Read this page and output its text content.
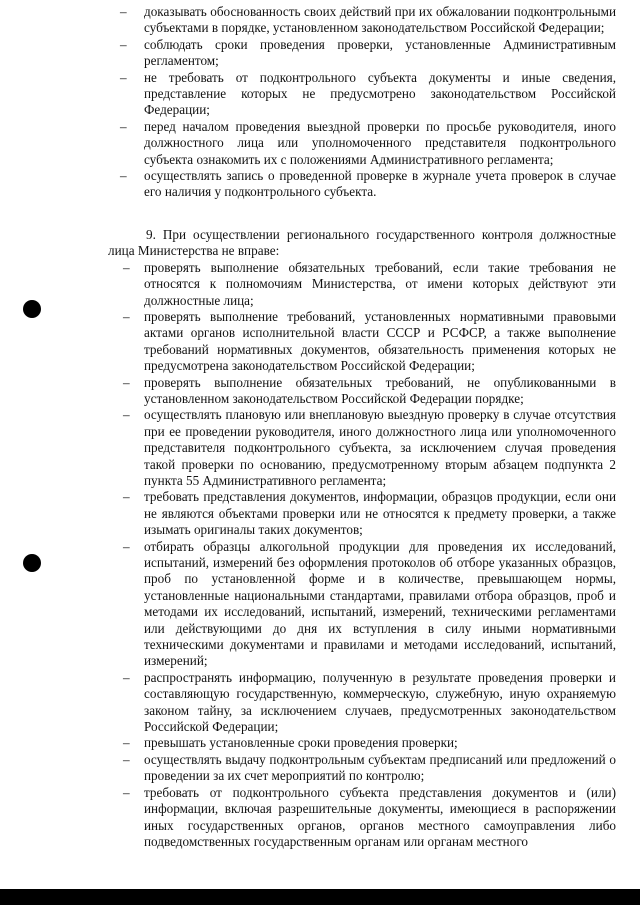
– доказывать обоснованность своих действий при их обжаловании подконтрольными субъектами в порядке, установленном законодательством Российской Федерации;
– соблюдать сроки проведения проверки, установленные Административным регламентом;
– не требовать от подконтрольного субъекта документы и иные сведения, представление которых не предусмотрено законодательством Российской Федерации;
– перед началом проведения выездной проверки по просьбе руководителя, иного должностного лица или уполномоченного представителя подконтрольного субъекта ознакомить их с положениями Административного регламента;
– осуществлять запись о проведенной проверке в журнале учета проверок в случае его наличия у подконтрольного субъекта.

9. При осуществлении регионального государственного контроля должностные лица Министерства не вправе:

– проверять выполнение обязательных требований, если такие требования не относятся к полномочиям Министерства, от имени которых действуют эти должностные лица;
– проверять выполнение требований, установленных нормативными правовыми актами органов исполнительной власти СССР и РСФСР, а также выполнение требований нормативных документов, обязательность применения которых не предусмотрена законодательством Российской Федерации;
– проверять выполнение обязательных требований, не опубликованными в установленном законодательством Российской Федерации порядке;
– осуществлять плановую или внеплановую выездную проверку в случае отсутствия при ее проведении руководителя, иного должностного лица или уполномоченного представителя подконтрольного субъекта, за исключением случая проведения такой проверки по основанию, предусмотренному вторым абзацем подпункта 2 пункта 55 Административного регламента;
– требовать представления документов, информации, образцов продукции, если они не являются объектами проверки или не относятся к предмету проверки, а также изымать оригиналы таких документов;
– отбирать образцы алкогольной продукции для проведения их исследований, испытаний, измерений без оформления протоколов об отборе указанных образцов, проб по установленной форме и в количестве, превышающем нормы, установленные национальными стандартами, правилами отбора образцов, проб и методами их исследований, испытаний, измерений, техническими регламентами или действующими до дня их вступления в силу иными нормативными техническими документами и правилами и методами исследований, испытаний, измерений;
– распространять информацию, полученную в результате проведения проверки и составляющую государственную, коммерческую, служебную, иную охраняемую законом тайну, за исключением случаев, предусмотренных законодательством Российской Федерации;
– превышать установленные сроки проведения проверки;
– осуществлять выдачу подконтрольным субъектам предписаний или предложений о проведении за их счет мероприятий по контролю;
– требовать от подконтрольного субъекта представления документов и (или) информации, включая разрешительные документы, имеющиеся в распоряжении иных государственных органов, органов местного самоуправления либо подведомственных государственным органам или органам местного
